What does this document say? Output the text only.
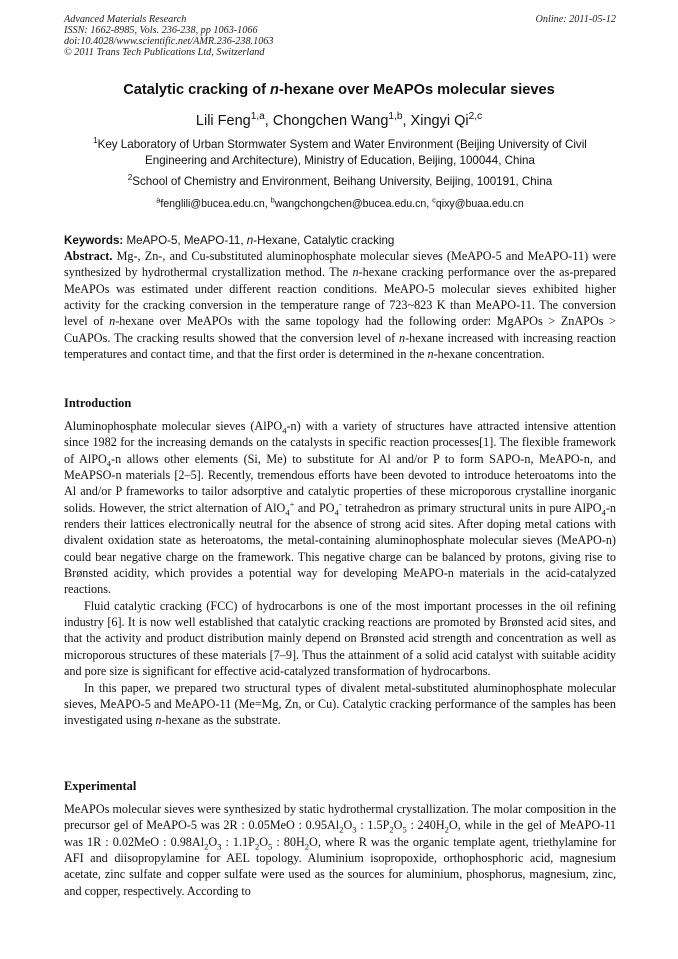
Advanced Materials Research
ISSN: 1662-8985, Vols. 236-238, pp 1063-1066
doi:10.4028/www.scientific.net/AMR.236-238.1063
© 2011 Trans Tech Publications Ltd, Switzerland
Online: 2011-05-12
Catalytic cracking of n-hexane over MeAPOs molecular sieves
Lili Feng$^{1,a}$, Chongchen Wang$^{1,b}$, Xingyi Qi$^{2,c}$
$^1$Key Laboratory of Urban Stormwater System and Water Environment (Beijing University of Civil Engineering and Architecture), Ministry of Education, Beijing, 100044, China
$^2$School of Chemistry and Environment, Beihang University, Beijing, 100191, China
$^a$fenglili@bucea.edu.cn, $^b$wangchongchen@bucea.edu.cn, $^c$qixy@buaa.edu.cn
Keywords: MeAPO-5, MeAPO-11, n-Hexane, Catalytic cracking

Abstract. Mg-, Zn-, and Cu-substituted aluminophosphate molecular sieves (MeAPO-5 and MeAPO-11) were synthesized by hydrothermal crystallization method. The n-hexane cracking performance over the as-prepared MeAPOs was estimated under different reaction conditions. MeAPO-5 molecular sieves exhibited higher activity for the cracking conversion in the temperature range of 723~823 K than MeAPO-11. The conversion level of n-hexane over MeAPOs with the same topology had the following order: MgAPOs > ZnAPOs > CuAPOs. The cracking results showed that the conversion level of n-hexane increased with increasing reaction temperatures and contact time, and that the first order is determined in the n-hexane concentration.

Introduction

Aluminophosphate molecular sieves (AlPO$_4$-n) with a variety of structures have attracted intensive attention since 1982 for the increasing demands on the catalysts in specific reaction processes[1]. The flexible framework of AlPO$_4$-n allows other elements (Si, Me) to substitute for Al and/or P to form SAPO-n, MeAPO-n, and MeAPSO-n materials [2–5]. Recently, tremendous efforts have been devoted to introduce heteroatoms into the Al and/or P frameworks to tailor adsorptive and catalytic properties of these microporous crystalline inorganic solids. However, the strict alternation of AlO$_4$+ and $PO_4^-$ tetrahedron as primary structural units in pure AlPO$_4$-n renders their lattices electronically neutral for the absence of strong acid sites. After doping metal cations with divalent oxidation state as heteroatoms, the metal-containing aluminophosphate molecular sieves (MeAPO-n) could bear negative charge on the framework. This negative charge can be balanced by protons, giving rise to Brønsted acidity, which provides a potential way for developing MeAPO-n materials in the acid-catalyzed reactions.

Fluid catalytic cracking (FCC) of hydrocarbons is one of the most important processes in the oil refining industry [6]. It is now well established that catalytic cracking reactions are promoted by Brønsted acid sites, and that the activity and product distribution mainly depend on Brønsted acid strength and concentration as well as microporous structures of these materials [7–9]. Thus the attainment of a solid acid catalyst with suitable acidity and pore size is significant for effective acid-catalyzed transformation of hydrocarbons.

In this paper, we prepared two structural types of divalent metal-substituted aluminophosphate molecular sieves, MeAPO-5 and MeAPO-11 (Me=Mg, Zn, or Cu). Catalytic cracking performance of the samples has been investigated using n-hexane as the substrate.

Experimental

MeAPOs molecular sieves were synthesized by static hydrothermal crystallization. The molar composition in the precursor gel of MeAPO-5 was 2R : 0.05MeO : $0.95Al_2O_3$ : $1.5P_2O_5$ : $240H_2O$, while in the gel of MeAPO-11 was 1R : 0.02MeO : $0.98Al_2O_3$ : $1.1P_2O_5$ : $80H_2O$, where R was the organic template agent, triethylamine for AFI and diisopropylamine for AEL topology. Aluminium isopropoxide, orthophosphoric acid, magnesium acetate, zinc sulfate and copper sulfate were used as the sources for aluminium, phosphorus, magnesium, zinc, and copper, respectively. According to
